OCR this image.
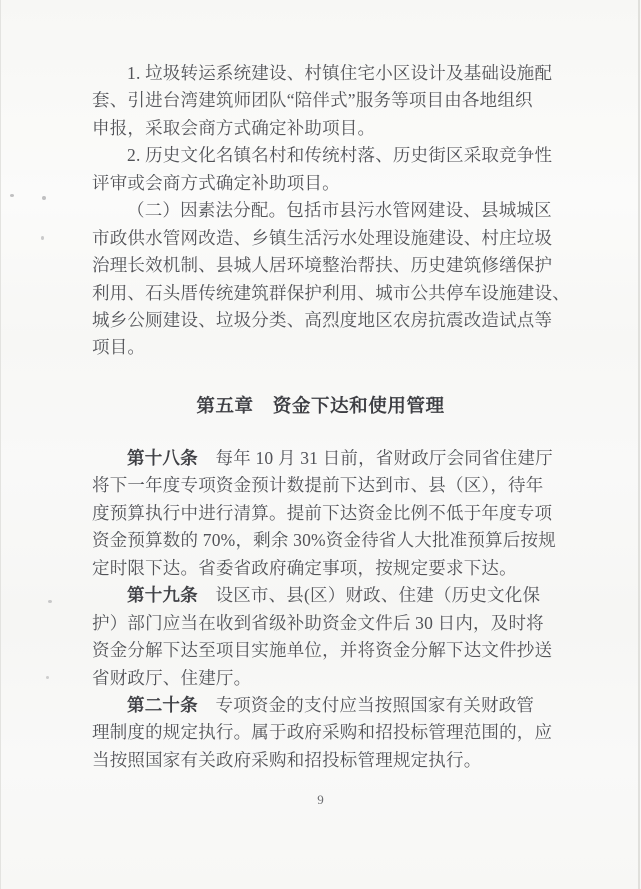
1. 垃圾转运系统建设、村镇住宅小区设计及基础设施配
套、引进台湾建筑师团队“陪伴式”服务等项目由各地组织
申报，采取会商方式确定补助项目。
2. 历史文化名镇名村和传统村落、历史街区采取竞争性
评审或会商方式确定补助项目。
（二）因素法分配。包括市县污水管网建设、县城城区
市政供水管网改造、乡镇生活污水处理设施建设、村庄垃圾
治理长效机制、县城人居环境整治帮扶、历史建筑修缮保护
利用、石头厝传统建筑群保护利用、城市公共停车设施建设、
城乡公厕建设、垃圾分类、高烈度地区农房抗震改造试点等
项目。
第五章　资金下达和使用管理
第十八条　每年 10 月 31 日前，省财政厅会同省住建厅
将下一年度专项资金预计数提前下达到市、县（区），待年
度预算执行中进行清算。提前下达资金比例不低于年度专项
资金预算数的 70%，剩余 30%资金待省人大批准预算后按规
定时限下达。省委省政府确定事项，按规定要求下达。
第十九条　设区市、县(区）财政、住建（历史文化保
护）部门应当在收到省级补助资金文件后 30 日内，及时将
资金分解下达至项目实施单位，并将资金分解下达文件抄送
省财政厅、住建厅。
第二十条　专项资金的支付应当按照国家有关财政管
理制度的规定执行。属于政府采购和招投标管理范围的，应
当按照国家有关政府采购和招投标管理规定执行。
9
